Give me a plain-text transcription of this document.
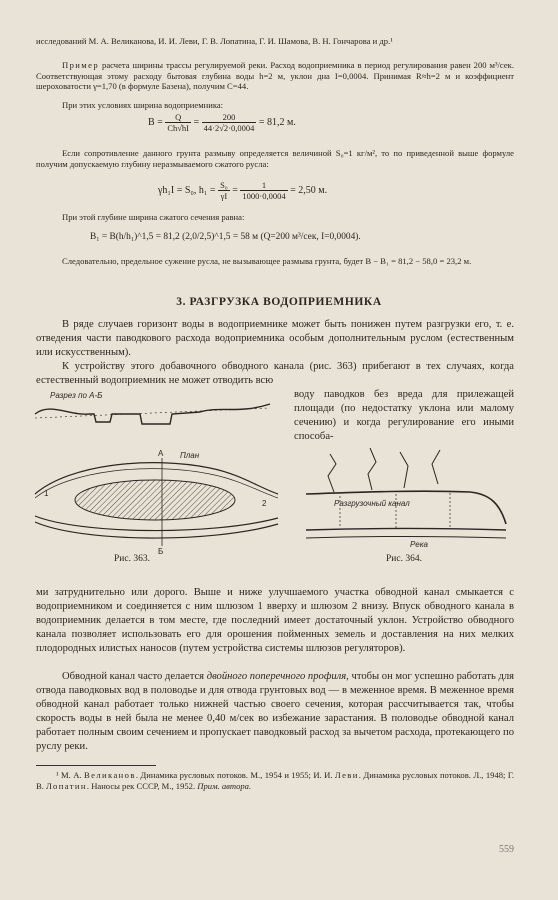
исследований М. А. Великанова, И. И. Леви, Г. В. Лопатина, Г. И. Шамова, В. Н. Гончарова и др.¹
Пример расчета ширины трассы регулируемой реки. Расход водоприемника в период регулирования равен 200 м³/сек. Соответствующая этому расходу бытовая глубина воды h=2 м, уклон дна I=0,0004. Принимая R≈h=2 м и коэффициент шероховатости γ=1,70 (в формуле Базена), получим C=44.
При этих условиях ширина водоприемника:
$B = \frac{Q}{Ch√hI} = \frac{200}{44\cdot 2√2\cdot 0,0004} = 81,2$ м.
Если сопротивление данного грунта размыву определяется величиной S₀=1 кг/м², то по приведенной выше формуле получим допускаемую глубину неразмываемого сжатого русла:
γh₁I = S₀, $h_1 = \frac{\text{S₀}}{\gamma I} = \frac{1}{1000\cdot 0,0004} = 2,50$ м.
При этой глубине ширина сжатого сечения равна:
B₁ = B(h/h₁)^1,5 = 81,2 (2,0/2,5)^1,5 = 58 м (Q=200 м³/сек, I=0,0004).
Следовательно, предельное сужение русла, не вызывающее размыва грунта, будет B − B₁ = 81,2 − 58,0 = 23,2 м.
3. РАЗГРУЗКА ВОДОПРИЕМНИКА
В ряде случаев горизонт воды в водоприемнике может быть понижен путем разгрузки его, т. е. отведения части паводкового расхода водоприемника особым дополнительным руслом (естественным или искусственным).
К устройству этого добавочного обводного канала (рис. 363) прибегают в тех случаях, когда естественный водоприемник не может отводить всю
воду паводков без вреда для прилежащей площади (по недостатку уклона или малому сечению) и когда регулирование его иными способа-
Разрез по А-Б
План
А
Б
1
2
Рис. 363.
Разгрузочный канал
Река
Рис. 364.
ми затруднительно или дорого. Выше и ниже улучшаемого участка обводной канал смыкается с водоприемником и соединяется с ним шлюзом 1 вверху и шлюзом 2 внизу. Впуск обводного канала в водоприемник делается в том месте, где последний имеет достаточный уклон. Устройство обводного канала позволяет использовать его для орошения пойменных земель и доставления на них мелких плодородных илистых наносов (путем устройства системы шлюзов регуляторов).
Обводной канал часто делается двойного поперечного профиля, чтобы он мог успешно работать для отвода паводковых вод в половодье и для отвода грунтовых вод — в меженное время. В меженное время обводной канал работает только нижней частью своего сечения, которая рассчитывается так, чтобы скорость воды в ней была не менее 0,40 м/сек во избежание зарастания. В половодье обводной канал работает полным своим сечением и пропускает паводковый расход за вычетом расхода, протекающего по руслу реки.
¹ М. А. Великанов. Динамика русловых потоков. М., 1954 и 1955; И. И. Леви. Динамика русловых потоков. Л., 1948; Г. В. Лопатин. Наносы рек СССР, М., 1952. Прим. автора.
559
